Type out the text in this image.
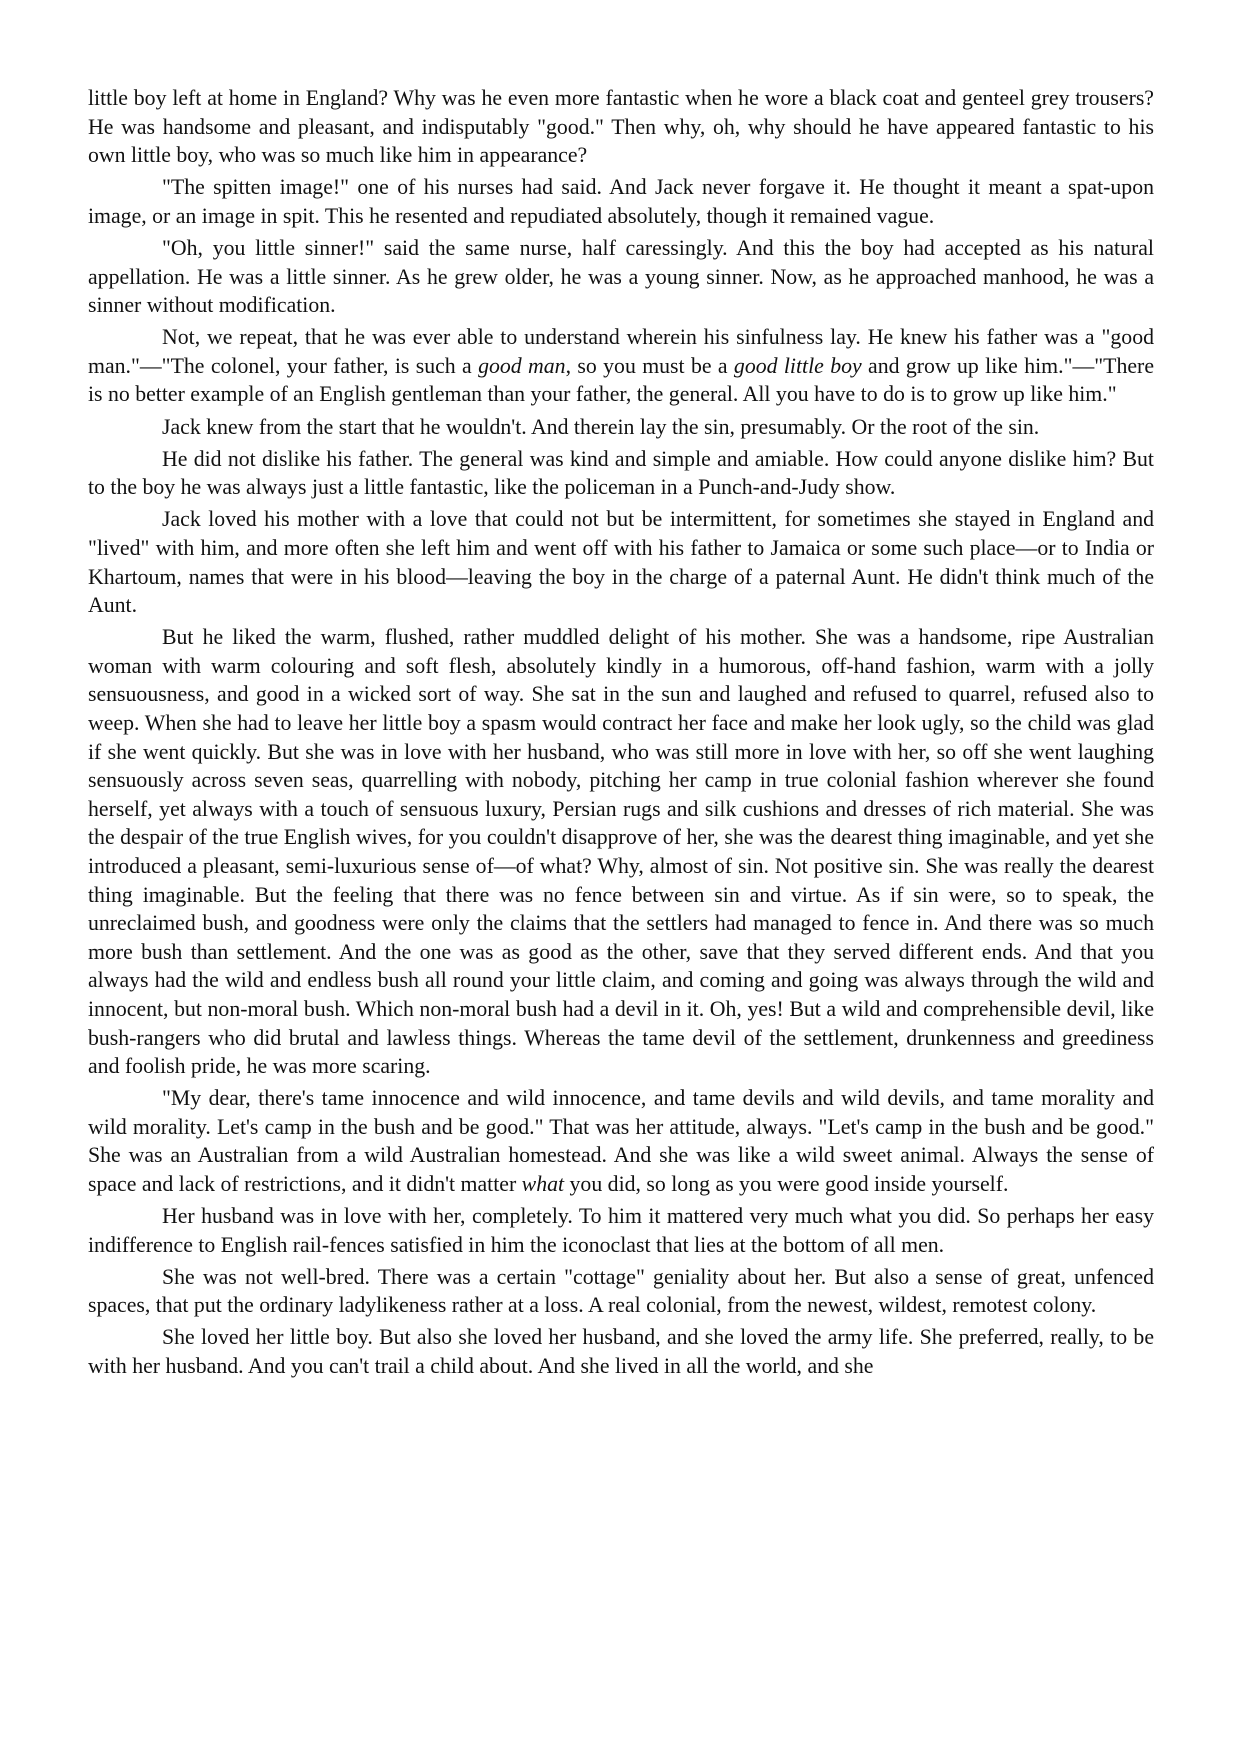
little boy left at home in England? Why was he even more fantastic when he wore a black coat and genteel grey trousers? He was handsome and pleasant, and indisputably "good." Then why, oh, why should he have appeared fantastic to his own little boy, who was so much like him in appearance?

"The spitten image!" one of his nurses had said. And Jack never forgave it. He thought it meant a spat-upon image, or an image in spit. This he resented and repudiated absolutely, though it remained vague.

"Oh, you little sinner!" said the same nurse, half caressingly. And this the boy had accepted as his natural appellation. He was a little sinner. As he grew older, he was a young sinner. Now, as he approached manhood, he was a sinner without modification.

Not, we repeat, that he was ever able to understand wherein his sinfulness lay. He knew his father was a "good man."—"The colonel, your father, is such a good man, so you must be a good little boy and grow up like him."—"There is no better example of an English gentleman than your father, the general. All you have to do is to grow up like him."

Jack knew from the start that he wouldn't. And therein lay the sin, presumably. Or the root of the sin.

He did not dislike his father. The general was kind and simple and amiable. How could anyone dislike him? But to the boy he was always just a little fantastic, like the policeman in a Punch-and-Judy show.

Jack loved his mother with a love that could not but be intermittent, for sometimes she stayed in England and "lived" with him, and more often she left him and went off with his father to Jamaica or some such place—or to India or Khartoum, names that were in his blood—leaving the boy in the charge of a paternal Aunt. He didn't think much of the Aunt.

But he liked the warm, flushed, rather muddled delight of his mother. She was a handsome, ripe Australian woman with warm colouring and soft flesh, absolutely kindly in a humorous, off-hand fashion, warm with a jolly sensuousness, and good in a wicked sort of way. She sat in the sun and laughed and refused to quarrel, refused also to weep. When she had to leave her little boy a spasm would contract her face and make her look ugly, so the child was glad if she went quickly. But she was in love with her husband, who was still more in love with her, so off she went laughing sensuously across seven seas, quarrelling with nobody, pitching her camp in true colonial fashion wherever she found herself, yet always with a touch of sensuous luxury, Persian rugs and silk cushions and dresses of rich material. She was the despair of the true English wives, for you couldn't disapprove of her, she was the dearest thing imaginable, and yet she introduced a pleasant, semi-luxurious sense of—of what? Why, almost of sin. Not positive sin. She was really the dearest thing imaginable. But the feeling that there was no fence between sin and virtue. As if sin were, so to speak, the unreclaimed bush, and goodness were only the claims that the settlers had managed to fence in. And there was so much more bush than settlement. And the one was as good as the other, save that they served different ends. And that you always had the wild and endless bush all round your little claim, and coming and going was always through the wild and innocent, but non-moral bush. Which non-moral bush had a devil in it. Oh, yes! But a wild and comprehensible devil, like bush-rangers who did brutal and lawless things. Whereas the tame devil of the settlement, drunkenness and greediness and foolish pride, he was more scaring.

"My dear, there's tame innocence and wild innocence, and tame devils and wild devils, and tame morality and wild morality. Let's camp in the bush and be good." That was her attitude, always. "Let's camp in the bush and be good." She was an Australian from a wild Australian homestead. And she was like a wild sweet animal. Always the sense of space and lack of restrictions, and it didn't matter what you did, so long as you were good inside yourself.

Her husband was in love with her, completely. To him it mattered very much what you did. So perhaps her easy indifference to English rail-fences satisfied in him the iconoclast that lies at the bottom of all men.

She was not well-bred. There was a certain "cottage" geniality about her. But also a sense of great, unfenced spaces, that put the ordinary ladylikeness rather at a loss. A real colonial, from the newest, wildest, remotest colony.

She loved her little boy. But also she loved her husband, and she loved the army life. She preferred, really, to be with her husband. And you can't trail a child about. And she lived in all the world, and she
